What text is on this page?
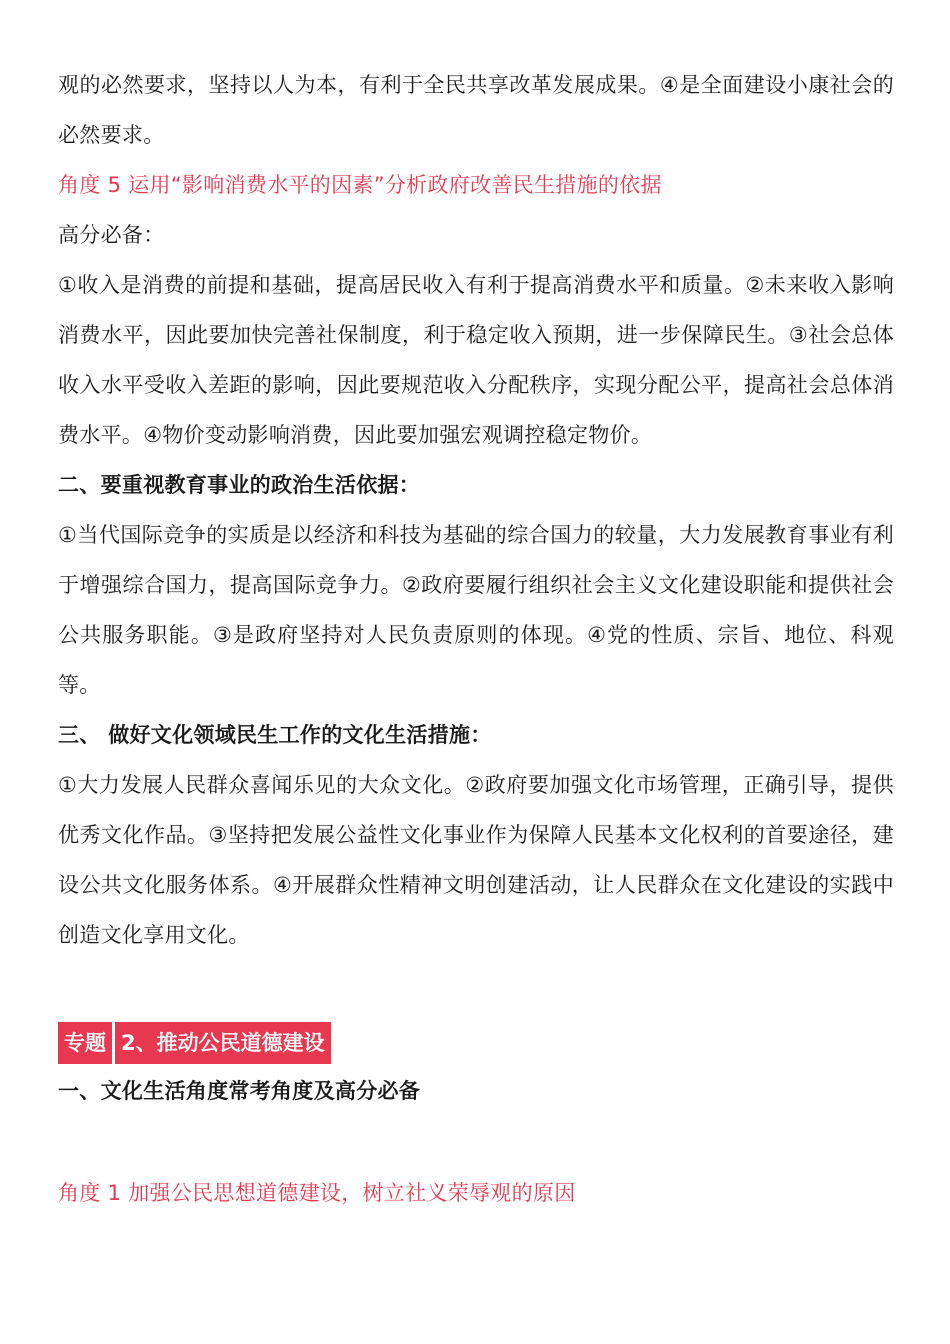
观的必然要求，坚持以人为本，有利于全民共享改革发展成果。④是全面建设小康社会的必然要求。

角度 5 运用“影响消费水平的因素”分析政府改善民生措施的依据

高分必备：

①收入是消费的前提和基础，提高居民收入有利于提高消费水平和质量。②未来收入影响消费水平，因此要加快完善社保制度，利于稳定收入预期，进一步保障民生。③社会总体收入水平受收入差距的影响，因此要规范收入分配秩序，实现分配公平，提高社会总体消费水平。④物价变动影响消费，因此要加强宏观调控稳定物价。

二、要重视教育事业的政治生活依据：

①当代国际竞争的实质是以经济和科技为基础的综合国力的较量，大力发展教育事业有利于增强综合国力，提高国际竞争力。②政府要履行组织社会主义文化建设职能和提供社会公共服务职能。③是政府坚持对人民负责原则的体现。④党的性质、宗旨、地位、科观等。

三、 做好文化领域民生工作的文化生活措施：

①大力发展人民群众喜闻乐见的大众文化。②政府要加强文化市场管理，正确引导，提供优秀文化作品。③坚持把发展公益性文化事业作为保障人民基本文化权利的首要途径，建设公共文化服务体系。④开展群众性精神文明创建活动，让人民群众在文化建设的实践中创造文化享用文化。

专题 2、推动公民道德建设

一、文化生活角度常考角度及高分必备

角度 1 加强公民思想道德建设，树立社义荣辱观的原因
